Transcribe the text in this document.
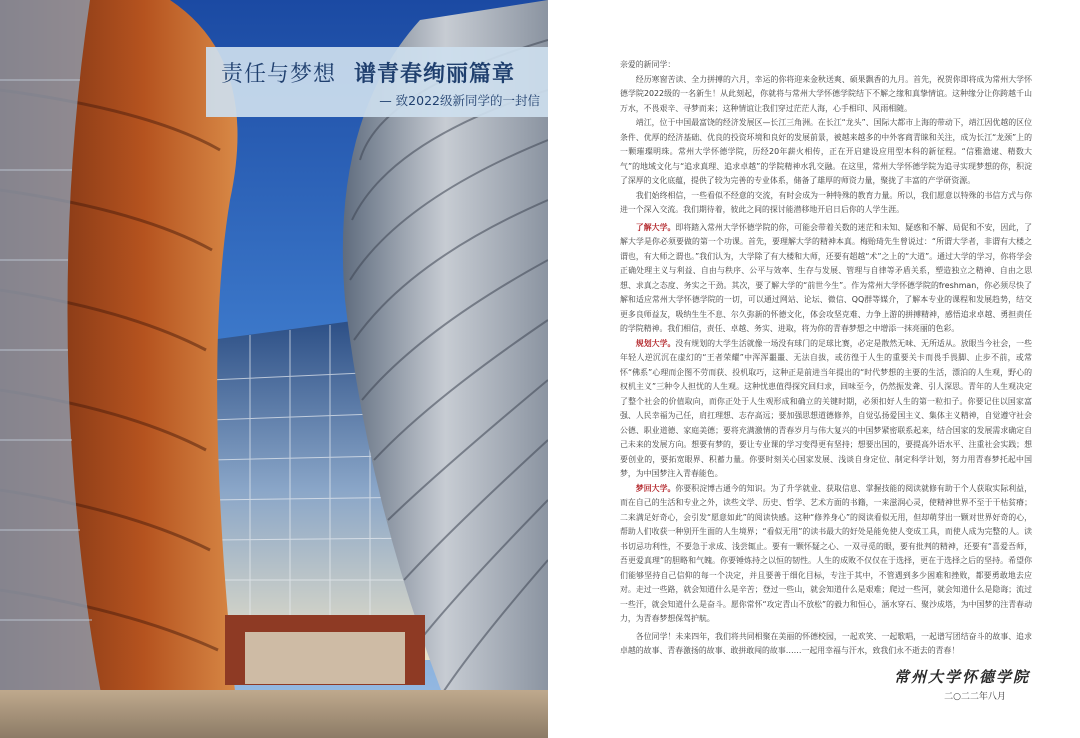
责任与梦想 谱青春绚丽篇章
— 致2022级新同学的一封信

亲爱的新同学：

经历寒窗苦读、全力拼搏的六月，幸运的你将迎来金秋送爽、硕果飘香的九月。首先，祝贺你即将成为常州大学怀德学院2022级的一名新生！从此刻起，你就将与常州大学怀德学院结下不解之缘和真挚情谊。这种缘分让你跨越千山万水，不畏艰辛、寻梦而来；这种情谊让我们穿过茫茫人海，心手相印、风雨相随。

靖江，位于中国最富饶的经济发展区—长江三角洲。在长江“龙头”、国际大都市上海的带动下，靖江因优越的区位条件、优厚的经济基础、优良的投资环境和良好的发展前景，被越来越多的中外客商青睐和关注，成为长江“龙颈”上的一颗璀璨明珠。常州大学怀德学院，历经20年薪火相传，正在开启建设应用型本科的新征程。“信雅澹逮、精数大气”的地域文化与“追求真理、追求卓越”的学院精神水乳交融。在这里，常州大学怀德学院为追寻实现梦想的你，积淀了深厚的文化底蕴，提供了较为完善的专业体系，储备了雄厚的师资力量，聚拢了丰富的产学研资源。

我们始终相信，一些看似不经意的交流，有时会成为一种特殊的教育力量。所以，我们愿意以特殊的书信方式与你进一个深入交流。我们期待着，彼此之间的探讨能潜移地开启日后你的人学生涯。

了解大学。即将踏入常州大学怀德学院的你，可能会带着关数的迷茫和未知、疑惑和不解、局促和不安，因此，了解大学是你必须要做的第一个功课。首先，要理解大学的精神本真。梅贻琦先生曾说过：“所谓大学者，非谓有大楼之谓也，有大师之谓也。”我们认为，大学除了有大楼和大师，还要有超越“术”之上的“大道”。通过大学的学习，你将学会正确处理主义与利益、自由与秩序、公平与效率、生存与发展、管理与自律等矛盾关系，塑造独立之精神、自由之思想、求真之态度、务实之干劲。其次，要了解大学的“前世今生”。作为常州大学怀德学院的freshman，你必须尽快了解和适应常州大学怀德学院的一切，可以通过网站、论坛、微信、QQ群等媒介，了解本专业的课程和发展趋势，结交更多良师益友，吸纳生生不息、尔久弥新的怀德文化，体会攻坚克难、力争上游的拼搏精神，感悟追求卓越、勇担责任的学院精神。我们相信，责任、卓越、务实、进取，将为你的青春梦想之中增添一抹亮丽的色彩。

规划大学。没有规划的大学生活就像一场没有球门的足球比赛，必定是散然无味、无所适从。放眼当今社会，一些年轻人逆沉沉在虚幻的“王者荣耀”中浑浑噩噩、无法自拔，或彷徨于人生的重要关卡而畏手畏脚、止步不前，或常怀“佛系”心理而企图不劳而获、投机取巧，这种正是前进当年提出的“时代梦想的主要的生活，漂泊的人生观，野心的权机主义”三种令人担忧的人生观。这种忧患值得探究回归求，回味至今，仍然振发聋、引人深思。青年的人生观决定了整个社会的价值取向，而你正处于人生观形成和确立的关键时期，必须扣好人生的第一粒扣子。你要记住以国家富强、人民幸福为己任，肩扛理想、志存高远；要加强思想道德修养，自觉弘扬爱国主义、集体主义精神，自觉遵守社会公德、职业道德、家庭美德；要将充满激情的青春岁月与伟大复兴的中国梦紧密联系起来，结合国家的发展需求确定自己未来的发展方向。想要有梦的，要让专业课的学习变得更有坚持；想要出国的，要提高外语水平、注重社会实践；想要创业的，要拓宽眼界、积蓄力量。你要时刻关心国家发展、浅谈自身定位、制定科学计划，努力用青春梦托起中国梦，为中国梦注入青春能色。

梦回大学。你要积淀博古通今的知识。为了升学就业、获取信息、掌握技能的阅读就修有助于个人获取实际利益，而在自己的生活和专业之外，读些文学、历史、哲学、艺术方面的书籍，一来滋润心灵，使精神世界不至于干枯贫瘠；二来满足好奇心，会引发“愿意如此”的阅读快感。这种“修养身心”的阅读看似无用，但却萌芽出一颗对世界好奇的心，帮助人们收获一种别开生面的人生境界；“看似无用”的读书最大的好处是能免使人变成工具，而使人成为完整的人。读书切忌功利性，不要急于求成、浅尝辄止。要有一颗怀疑之心、一双寻觅的眼，要有批判的精神，还要有“喜爱吾师，吾更爱真理”的胆略和气魄。你要锤炼持之以恒的韧性。人生的成败不仅仅在于选择，更在于选择之后的坚持。希望你们能够坚持自己信仰的每一个决定，并且要善于细化目标，专注于其中，不管遇到多少困难和挫败，都要勇敢地去应对。走过一些路，就会知道什么是辛苦；登过一些山，就会知道什么是艰难；爬过一些河，就会知道什么是隐诲；流过一些汗，就会知道什么是奋斗。愿你常怀“攻定青山不放松”的毅力和恒心，涵水穿石、聚沙成塔，为中国梦的注青春动力，为青春梦想保驾护航。

各位同学！未来四年，我们将共同相聚在美丽的怀德校园，一起欢笑、一起歌唱，一起谱写团结奋斗的故事、追求卓越的故事、青春激扬的故事、敢拼敢闯的故事……一起用幸福与汗水，致我们永不逝去的青春！

常州大学怀德学院
二○二二年八月
